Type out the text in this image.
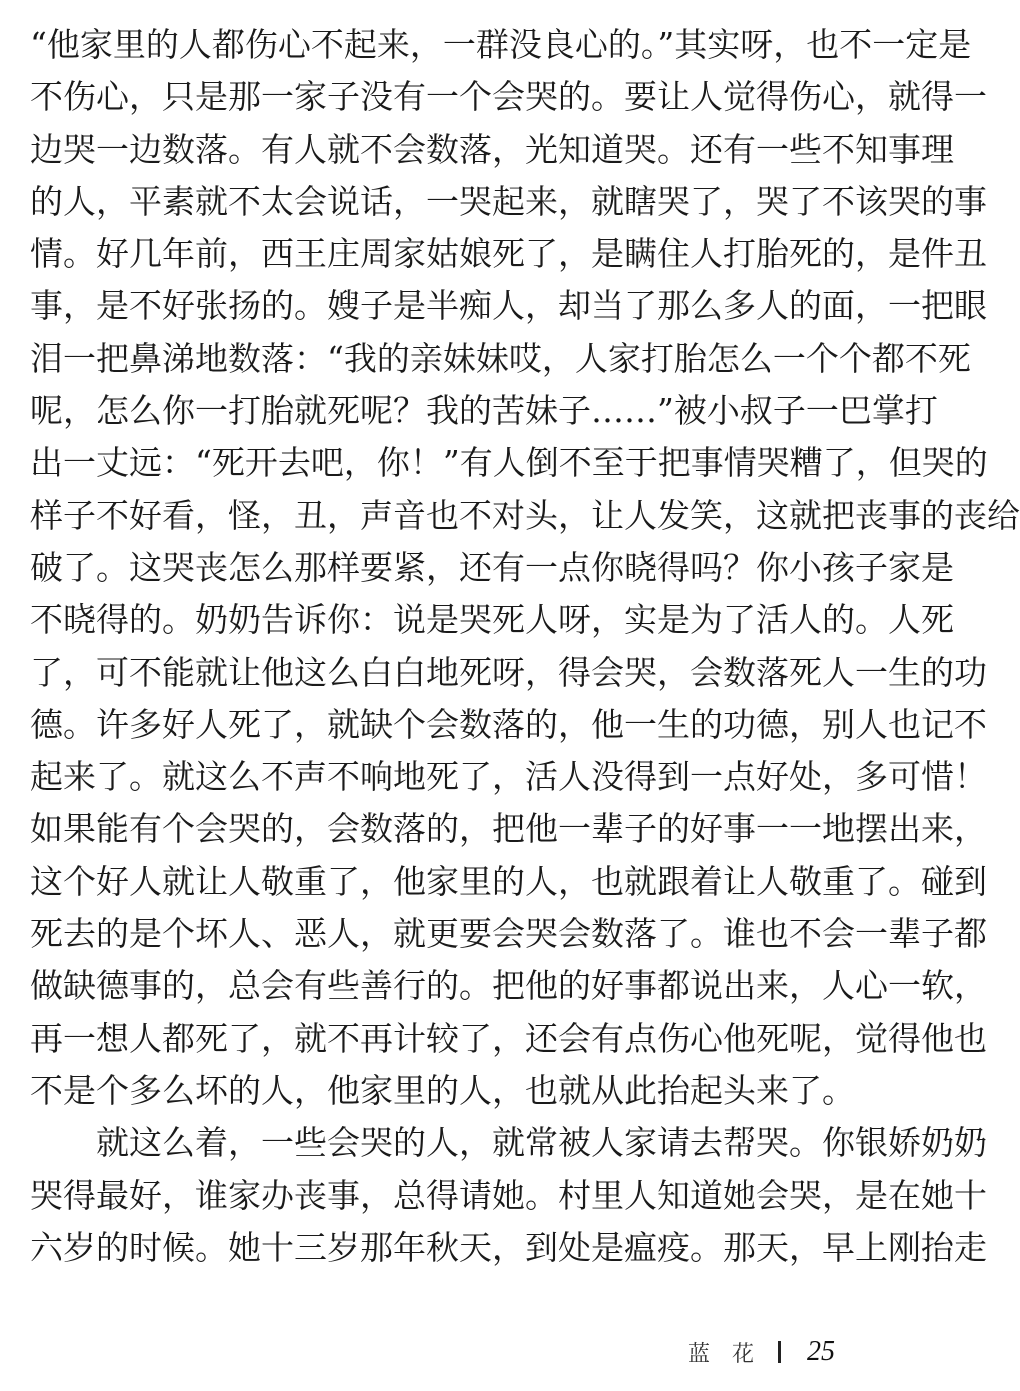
“他家里的人都伤心不起来，一群没良心的。”其实呀，也不一定是
不伤心，只是那一家子没有一个会哭的。要让人觉得伤心，就得一
边哭一边数落。有人就不会数落，光知道哭。还有一些不知事理
的人，平素就不太会说话，一哭起来，就瞎哭了，哭了不该哭的事
情。好几年前，西王庄周家姑娘死了，是瞒住人打胎死的，是件丑
事，是不好张扬的。嫂子是半痴人，却当了那么多人的面，一把眼
泪一把鼻涕地数落：“我的亲妹妹哎，人家打胎怎么一个个都不死
呢，怎么你一打胎就死呢？我的苦妹子……”被小叔子一巴掌打
出一丈远：“死开去吧，你！”有人倒不至于把事情哭糟了，但哭的
样子不好看，怪，丑，声音也不对头，让人发笑，这就把丧事的丧给
破了。这哭丧怎么那样要紧，还有一点你晓得吗？你小孩子家是
不晓得的。奶奶告诉你：说是哭死人呀，实是为了活人的。人死
了，可不能就让他这么白白地死呀，得会哭，会数落死人一生的功
德。许多好人死了，就缺个会数落的，他一生的功德，别人也记不
起来了。就这么不声不响地死了，活人没得到一点好处，多可惜！
如果能有个会哭的，会数落的，把他一辈子的好事一一地摆出来，
这个好人就让人敬重了，他家里的人，也就跟着让人敬重了。碰到
死去的是个坏人、恶人，就更要会哭会数落了。谁也不会一辈子都
做缺德事的，总会有些善行的。把他的好事都说出来，人心一软，
再一想人都死了，就不再计较了，还会有点伤心他死呢，觉得他也
不是个多么坏的人，他家里的人，也就从此抬起头来了。
就这么着，一些会哭的人，就常被人家请去帮哭。你银娇奶奶
哭得最好，谁家办丧事，总得请她。村里人知道她会哭，是在她十
六岁的时候。她十三岁那年秋天，到处是瘟疫。那天，早上刚抬走
蓝花 25
